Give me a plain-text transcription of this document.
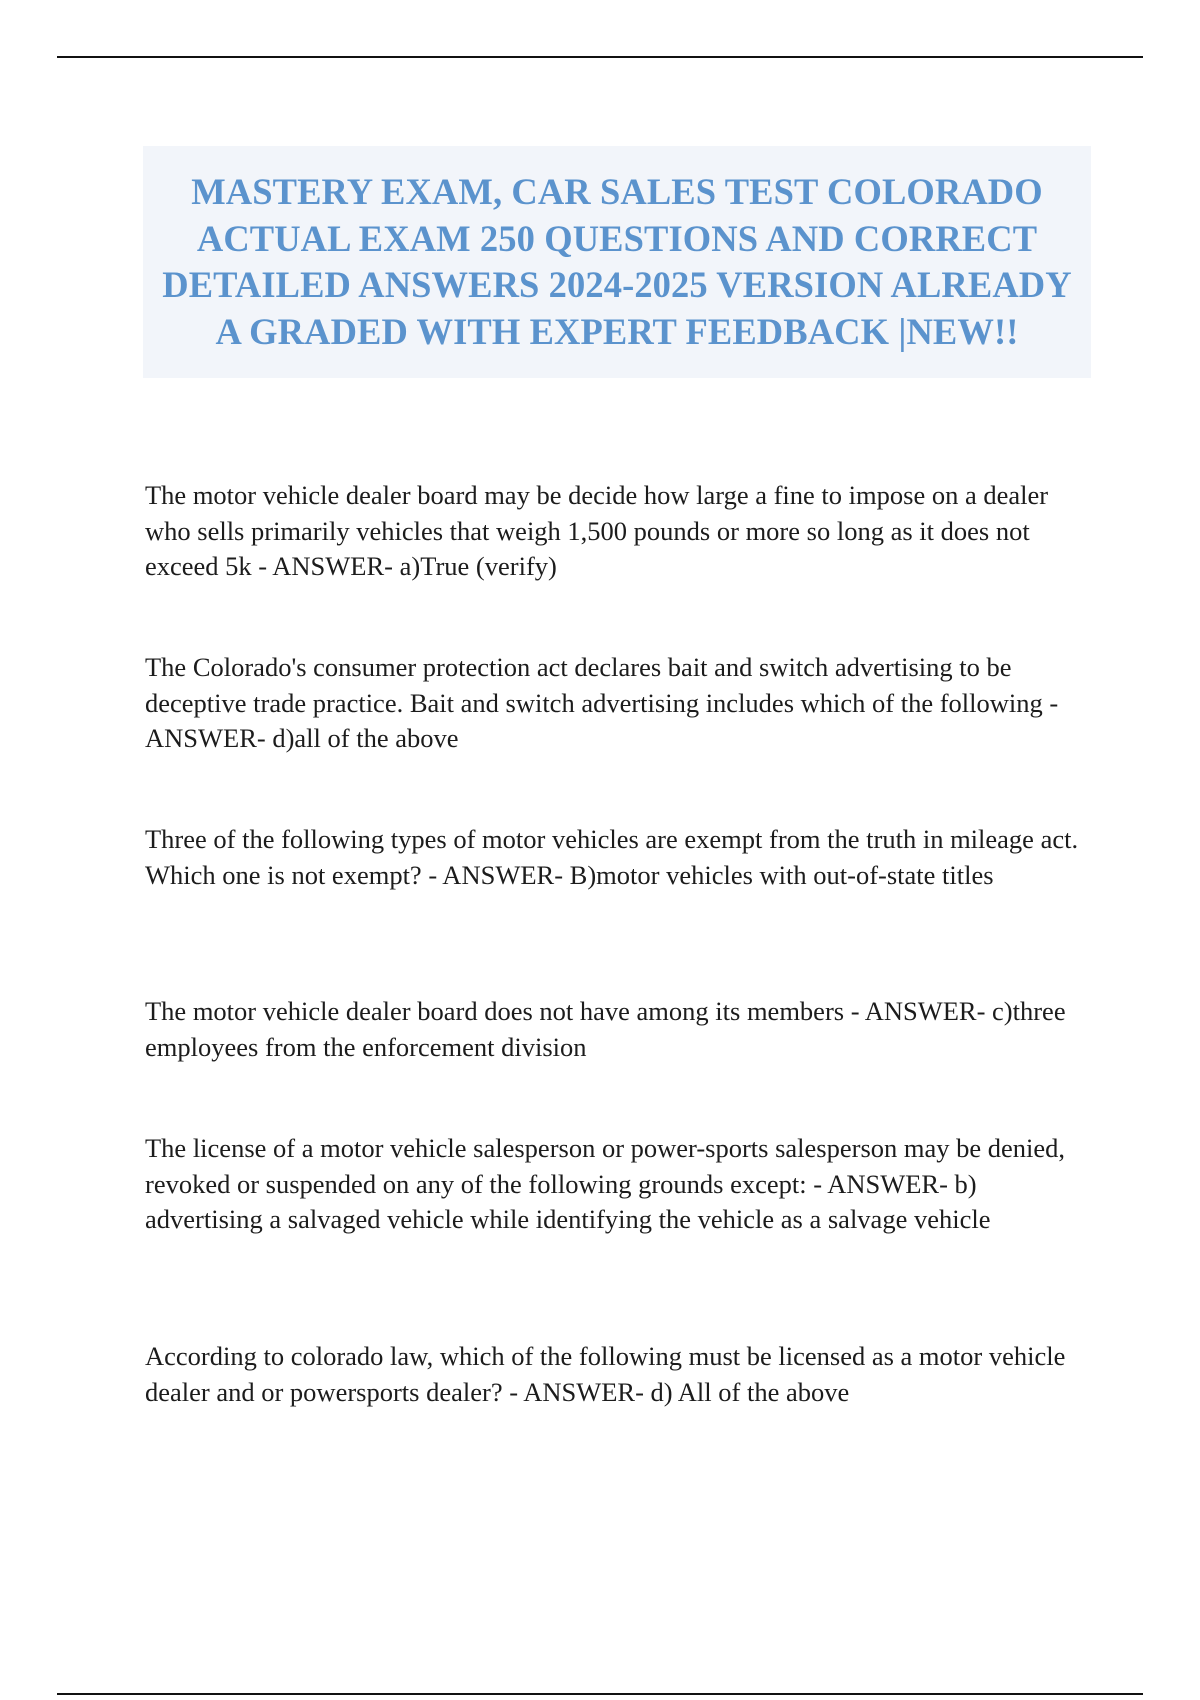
MASTERY EXAM, CAR SALES TEST COLORADO ACTUAL EXAM 250 QUESTIONS AND CORRECT DETAILED ANSWERS 2024-2025 VERSION ALREADY A GRADED WITH EXPERT FEEDBACK |NEW!!

The motor vehicle dealer board may be decide how large a fine to impose on a dealer who sells primarily vehicles that weigh 1,500 pounds or more so long as it does not exceed 5k - ANSWER- a)True (verify)

The Colorado's consumer protection act declares bait and switch advertising to be deceptive trade practice. Bait and switch advertising includes which of the following - ANSWER- d)all of the above

Three of the following types of motor vehicles are exempt from the truth in mileage act. Which one is not exempt? - ANSWER- B)motor vehicles with out-of-state titles

The motor vehicle dealer board does not have among its members - ANSWER- c)three employees from the enforcement division

The license of a motor vehicle salesperson or power-sports salesperson may be denied, revoked or suspended on any of the following grounds except: - ANSWER- b) advertising a salvaged vehicle while identifying the vehicle as a salvage vehicle

According to colorado law, which of the following must be licensed as a motor vehicle dealer and or powersports dealer? - ANSWER- d) All of the above
